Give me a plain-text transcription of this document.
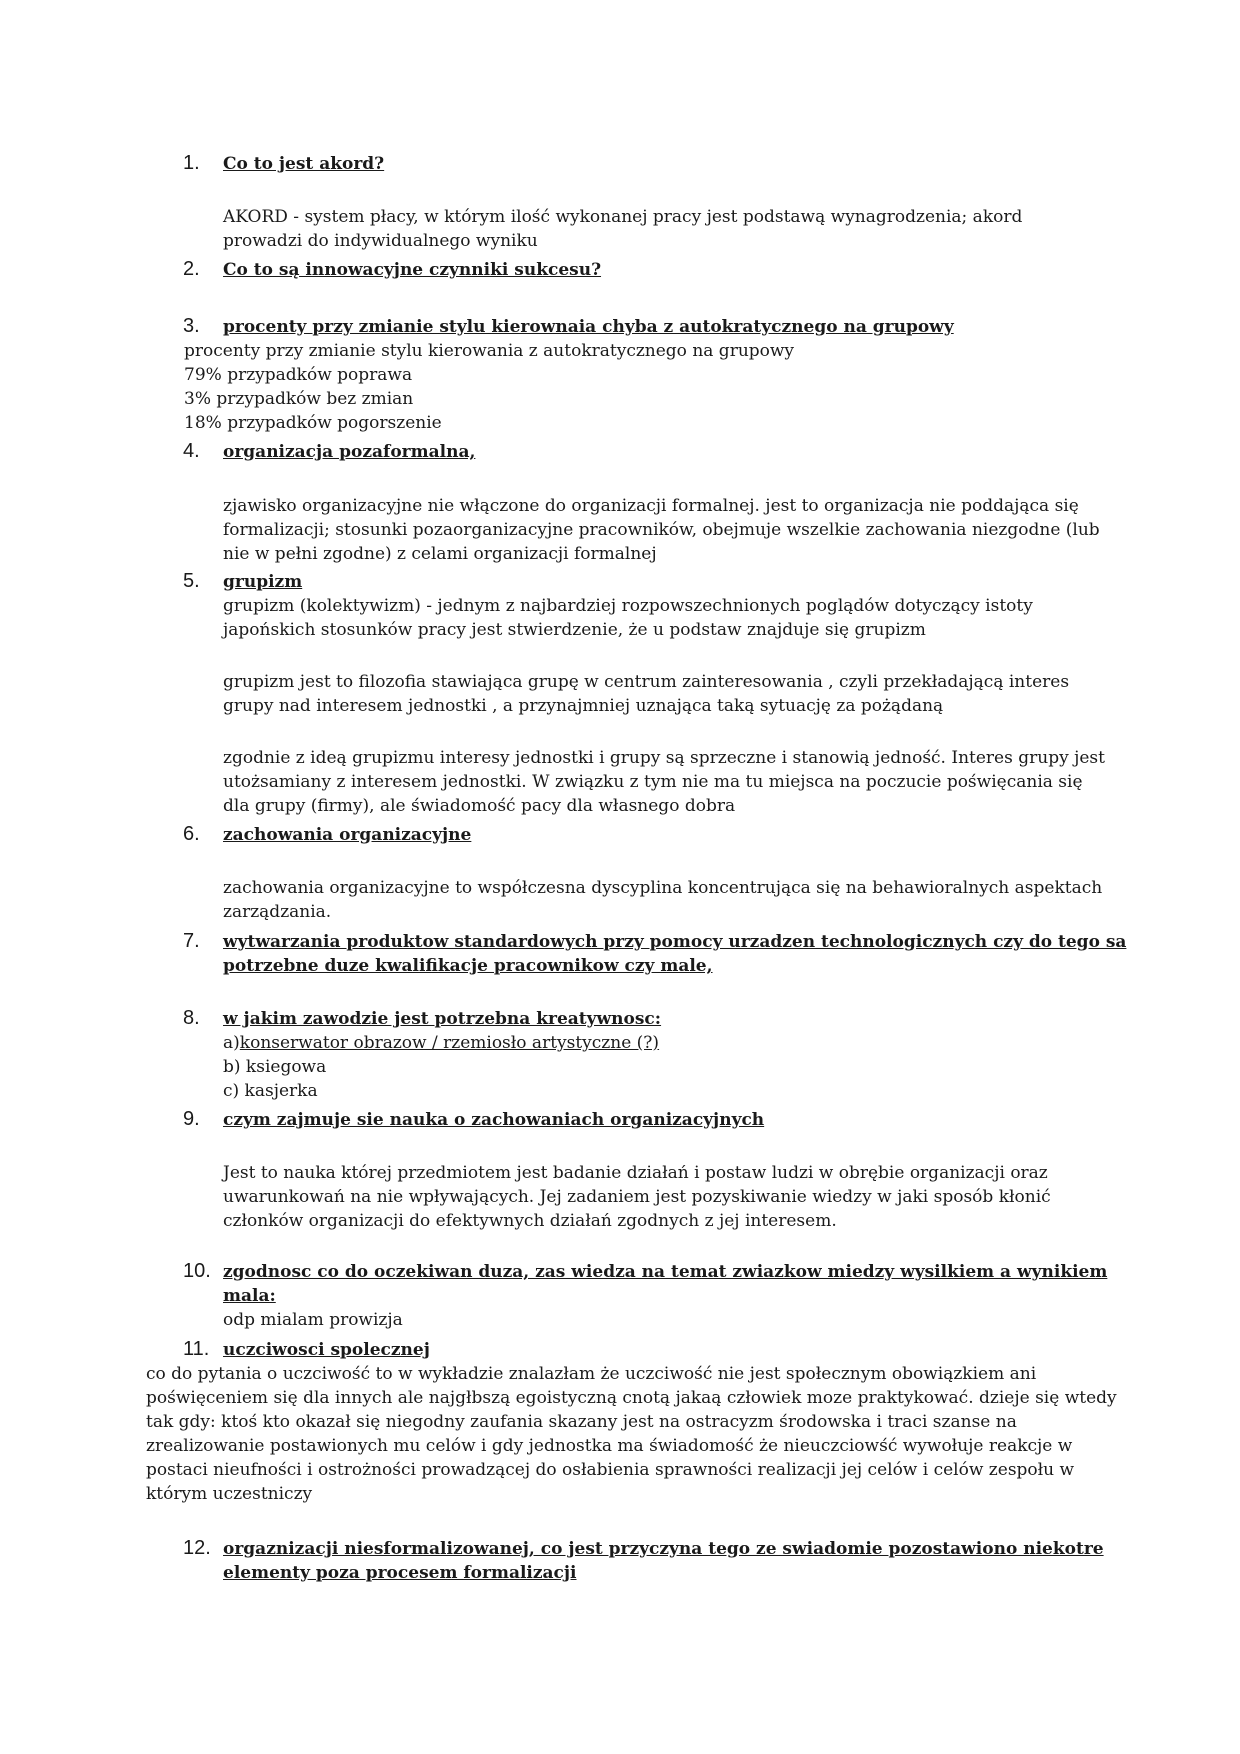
1. Co to jest akord?
AKORD - system płacy, w którym ilość wykonanej pracy jest podstawą wynagrodzenia; akord
prowadzi do indywidualnego wyniku
2. Co to są innowacyjne czynniki sukcesu?
3. procenty przy zmianie stylu kierownaia chyba z autokratycznego na grupowy
procenty przy zmianie stylu kierowania z autokratycznego na grupowy
79% przypadków poprawa
3% przypadków bez zmian
18% przypadków pogorszenie
4. organizacja pozaformalna,
zjawisko organizacyjne nie włączone do organizacji formalnej. jest to organizacja nie poddająca się
formalizacji; stosunki pozaorganizacyjne pracowników, obejmuje wszelkie zachowania niezgodne (lub
nie w pełni zgodne) z celami organizacji formalnej
5. grupizm
grupizm (kolektywizm) - jednym z najbardziej rozpowszechnionych poglądów dotyczący istoty
japońskich stosunków pracy jest stwierdzenie, że u podstaw znajduje się grupizm
grupizm jest to filozofia stawiająca grupę w centrum zainteresowania , czyli przekładającą interes
grupy nad interesem jednostki , a przynajmniej uznająca taką sytuację za pożądaną
zgodnie z ideą grupizmu interesy jednostki i grupy są sprzeczne i stanowią jedność. Interes grupy jest
utożsamiany z interesem jednostki. W związku z tym nie ma tu miejsca na poczucie poświęcania się
dla grupy (firmy), ale świadomość pacy dla własnego dobra
6. zachowania organizacyjne
zachowania organizacyjne to współczesna dyscyplina koncentrująca się na behawioralnych aspektach
zarządzania.
7. wytwarzania produktow standardowych przy pomocy urzadzen technologicznych czy do tego sa
potrzebne duze kwalifikacje pracownikow czy male,
8. w jakim zawodzie jest potrzebna kreatywnosc:
a)konserwator obrazow / rzemiosło artystyczne (?)
b) ksiegowa
c) kasjerka
9. czym zajmuje sie nauka o zachowaniach organizacyjnych
Jest to nauka której przedmiotem jest badanie działań i postaw ludzi w obrębie organizacji oraz
uwarunkowań na nie wpływających. Jej zadaniem jest pozyskiwanie wiedzy w jaki sposób kłonić
członków organizacji do efektywnych działań zgodnych z jej interesem.
10. zgodnosc co do oczekiwan duza, zas wiedza na temat zwiazkow miedzy wysilkiem a wynikiem
mala:
odp mialam prowizja
11. uczciwosci spolecznej
co do pytania o uczciwość to w wykładzie znalazłam że uczciwość nie jest społecznym obowiązkiem ani
poświęceniem się dla innych ale najgłbszą egoistyczną cnotą jakaą człowiek moze praktykować. dzieje się wtedy
tak gdy: ktoś kto okazał się niegodny zaufania skazany jest na ostracyzm środowska i traci szanse na
zrealizowanie postawionych mu celów i gdy jednostka ma świadomość że nieuczciowść wywołuje reakcje w
postaci nieufności i ostrożności prowadzącej do osłabienia sprawności realizacji jej celów i celów zespołu w
którym uczestniczy
12. orgaznizacji niesformalizowanej, co jest przyczyna tego ze swiadomie pozostawiono niekotre
elementy poza procesem formalizacji
